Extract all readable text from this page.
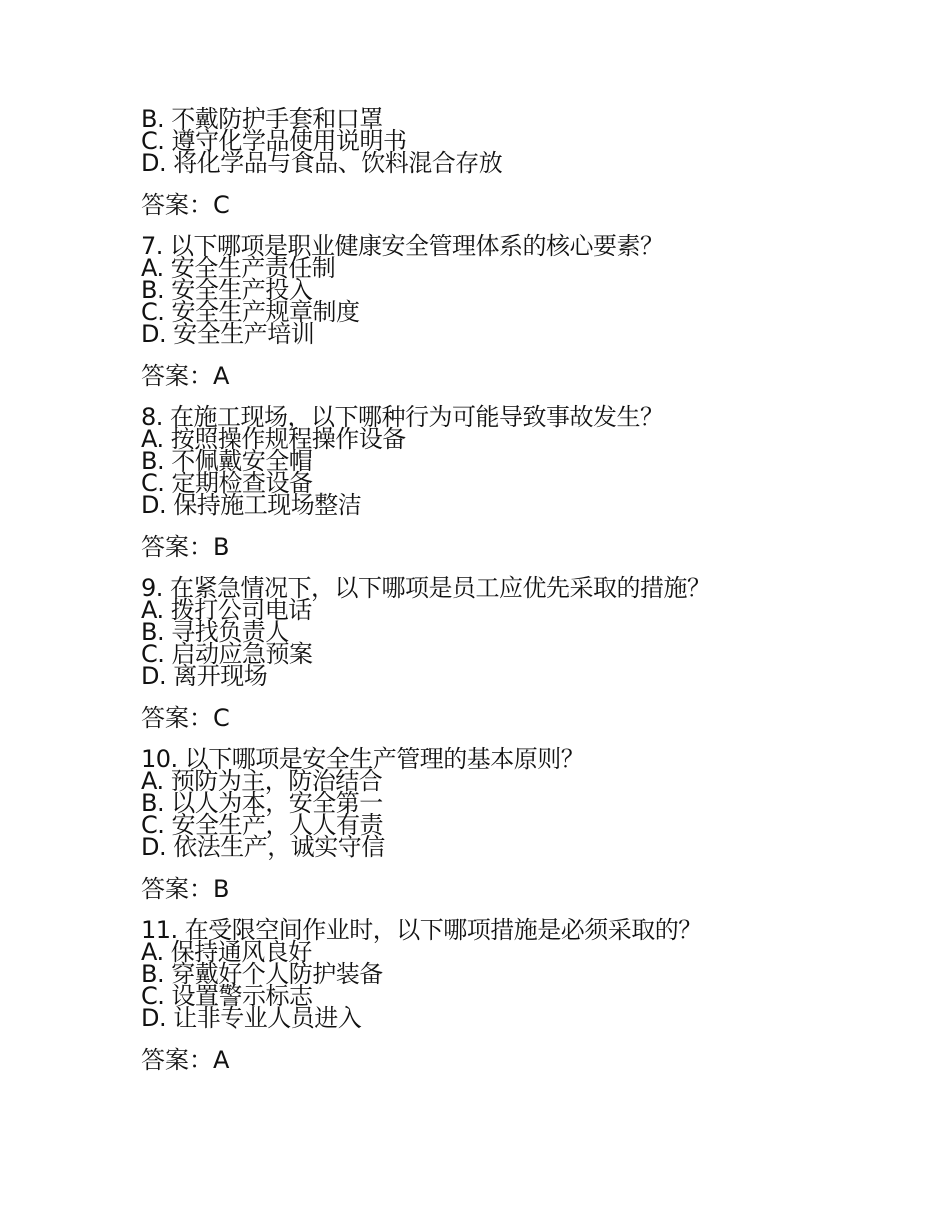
B. 不戴防护手套和口罩
C. 遵守化学品使用说明书
D. 将化学品与食品、饮料混合存放
答案：C
7. 以下哪项是职业健康安全管理体系的核心要素？
A. 安全生产责任制
B. 安全生产投入
C. 安全生产规章制度
D. 安全生产培训
答案：A
8. 在施工现场，以下哪种行为可能导致事故发生？
A. 按照操作规程操作设备
B. 不佩戴安全帽
C. 定期检查设备
D. 保持施工现场整洁
答案：B
9. 在紧急情况下，以下哪项是员工应优先采取的措施？
A. 拨打公司电话
B. 寻找负责人
C. 启动应急预案
D. 离开现场
答案：C
10. 以下哪项是安全生产管理的基本原则？
A. 预防为主，防治结合
B. 以人为本，安全第一
C. 安全生产，人人有责
D. 依法生产，诚实守信
答案：B
11. 在受限空间作业时，以下哪项措施是必须采取的？
A. 保持通风良好
B. 穿戴好个人防护装备
C. 设置警示标志
D. 让非专业人员进入
答案：A
